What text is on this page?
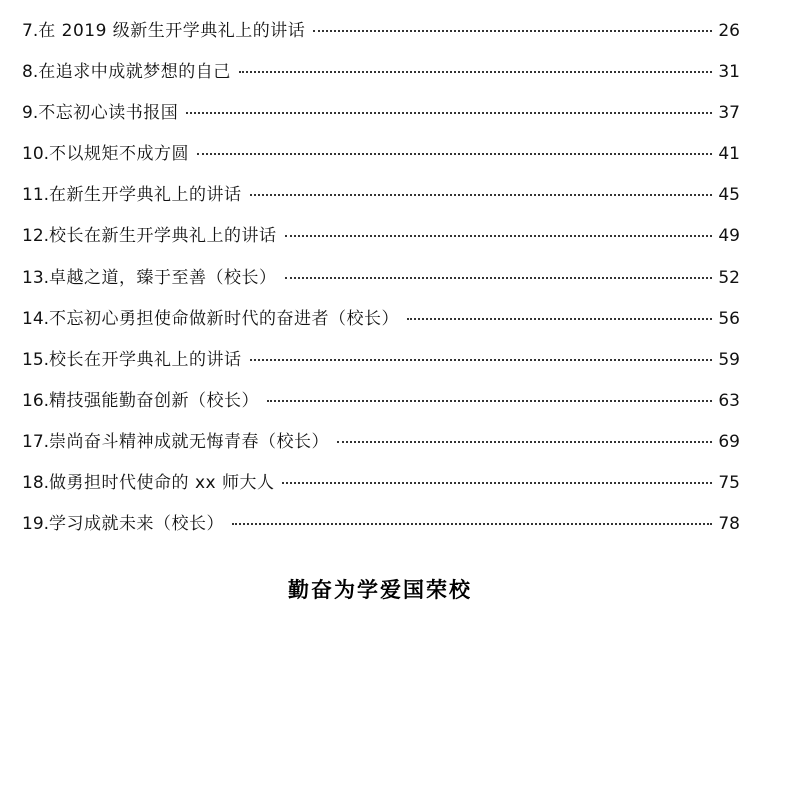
7. 在 2019 级新生开学典礼上的讲话	26
8. 在追求中成就梦想的自己	31
9. 不忘初心读书报国	37
10. 不以规矩不成方圆	41
11. 在新生开学典礼上的讲话	45
12. 校长在新生开学典礼上的讲话	49
13. 卓越之道，臻于至善（校长）	52
14. 不忘初心勇担使命做新时代的奋进者（校长）	56
15. 校长在开学典礼上的讲话	59
16. 精技强能勤奋创新（校长）	63
17. 崇尚奋斗精神成就无悔青春（校长）	69
18. 做勇担时代使命的 xx 师大人	75
19. 学习成就未来（校长）	78
勤奋为学爱国荣校
